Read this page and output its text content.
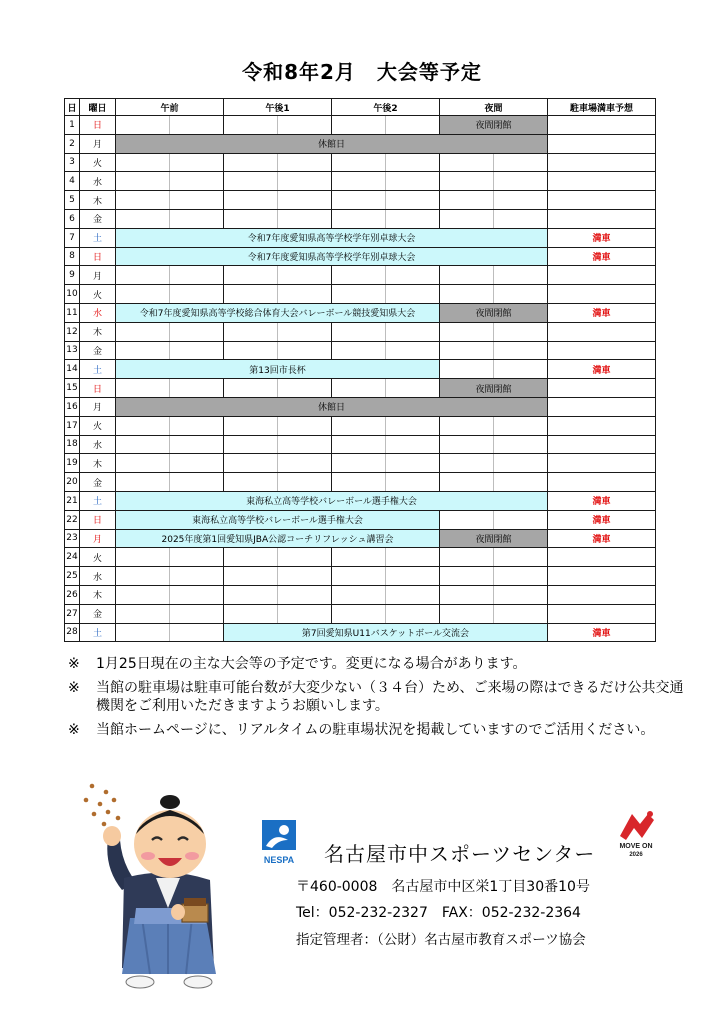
令和8年2月　大会等予定
日	曜日	午前		午後1		午後2		夜間		駐車場満車予想
1	日							夜間閉館		
2	月	休館日								
3	火									
4	水									
5	木									
6	金									
7	土	令和7年度愛知県高等学校学年別卓球大会								満車
8	日	令和7年度愛知県高等学校学年別卓球大会								満車
9	月									
10	火									
11	水	令和7年度愛知県高等学校総合体育大会バレーボール競技愛知県大会						夜間閉館		満車
12	木									
13	金									
14	土	第13回市長杯								満車
15	日							夜間閉館		
16	月	休館日								
17	火									
18	水									
19	木									
20	金									
21	土	東海私立高等学校バレーボール選手権大会								満車
22	日	東海私立高等学校バレーボール選手権大会								満車
23	月	2025年度第1回愛知県JBA公認コーチリフレッシュ講習会						夜間閉館		満車
24	火									
25	水									
26	木									
27	金									
28	土			第7回愛知県U11バスケットボール交流会						満車
※	1月25日現在の主な大会等の予定です。変更になる場合があります。
※	当館の駐車場は駐車可能台数が大変少ない（３４台）ため、ご来場の際はできるだけ公共交通機関をご利用いただきますようお願いします。
※	当館ホームページに、リアルタイムの駐車場状況を掲載していますのでご活用ください。
NESPA
MOVE ON
2026
名古屋市中スポーツセンター
〒460-0008　名古屋市中区栄1丁目30番10号
Tel：052-232-2327　FAX：052-232-2364
指定管理者：（公財）名古屋市教育スポーツ協会
